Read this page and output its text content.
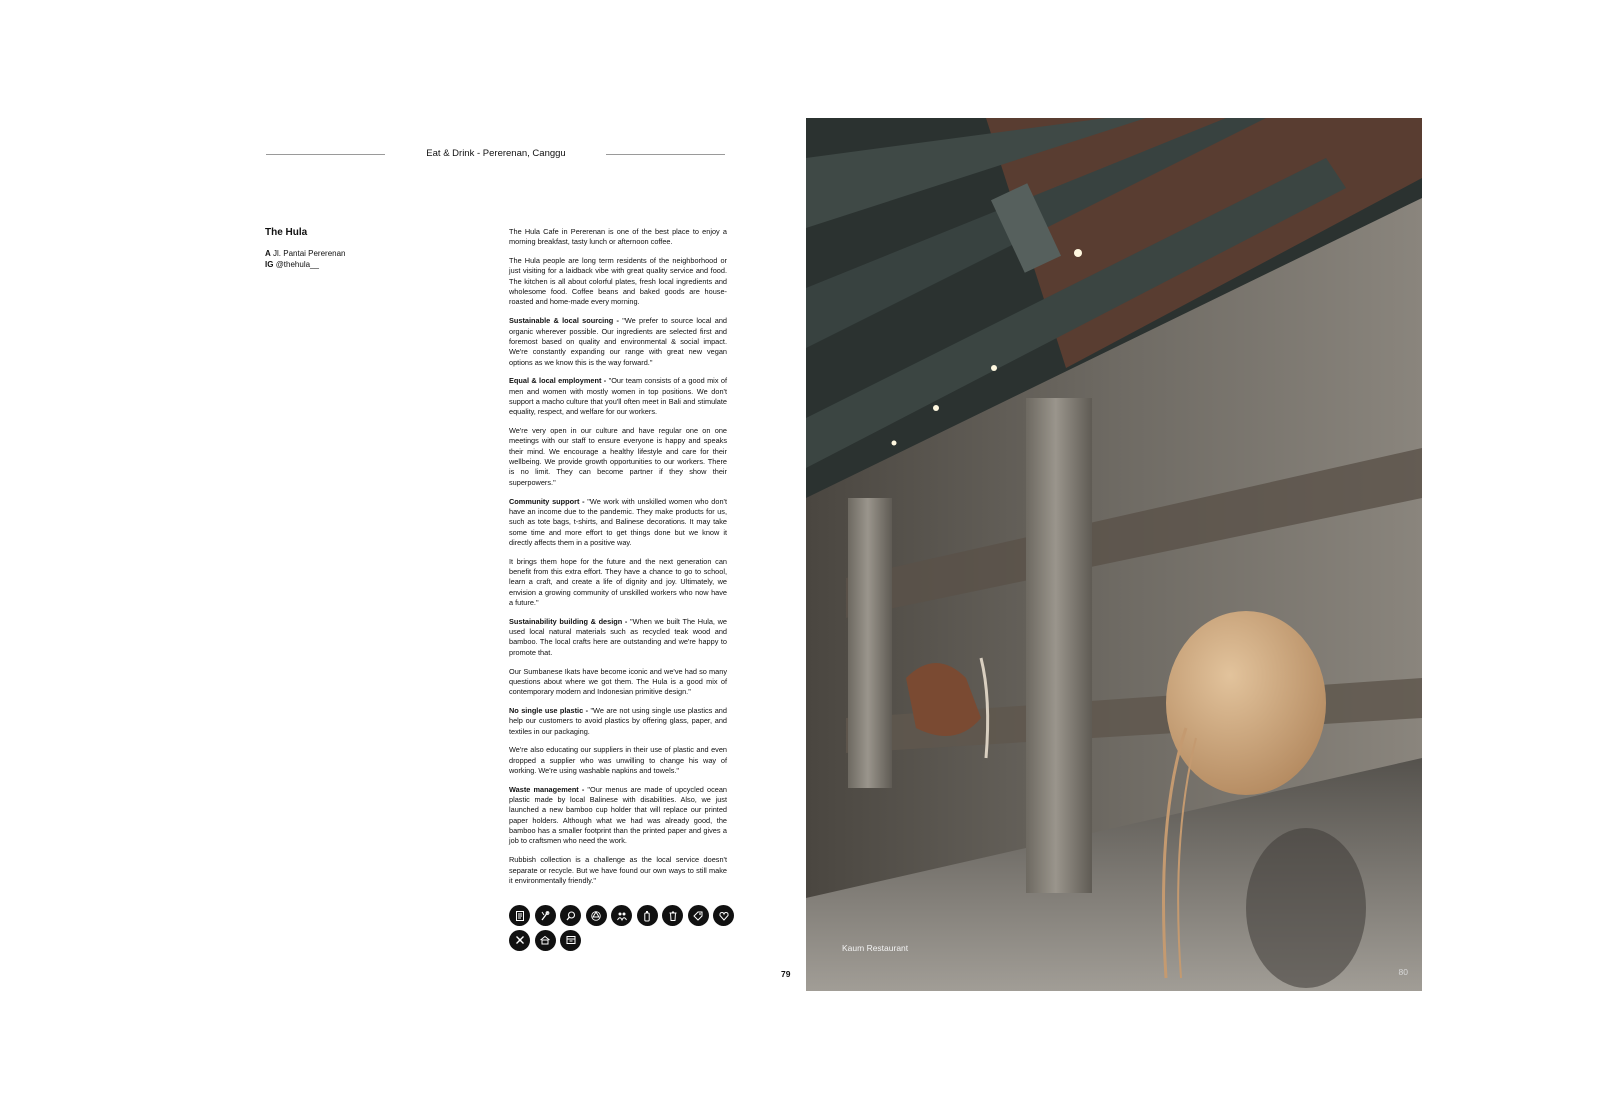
Eat & Drink - Pererenan, Canggu
The Hula
A Jl. Pantai Pererenan
IG @thehula__

The Hula Cafe in Pererenan is one of the best place to enjoy a morning breakfast, tasty lunch or afternoon coffee.

The Hula people are long term residents of the neighborhood or just visiting for a laidback vibe with great quality service and food. The kitchen is all about colorful plates, fresh local ingredients and wholesome food. Coffee beans and baked goods are house-roasted and home-made every morning.

Sustainable & local sourcing - "We prefer to source local and organic wherever possible. Our ingredients are selected first and foremost based on quality and environmental & social impact. We're constantly expanding our range with great new vegan options as we know this is the way forward."

Equal & local employment - "Our team consists of a good mix of men and women with mostly women in top positions. We don't support a macho culture that you'll often meet in Bali and stimulate equality, respect, and welfare for our workers.

We're very open in our culture and have regular one on one meetings with our staff to ensure everyone is happy and speaks their mind. We encourage a healthy lifestyle and care for their wellbeing. We provide growth opportunities to our workers. There is no limit. They can become partner if they show their superpowers."

Community support - "We work with unskilled women who don't have an income due to the pandemic. They make products for us, such as tote bags, t-shirts, and Balinese decorations. It may take some time and more effort to get things done but we know it directly affects them in a positive way.

It brings them hope for the future and the next generation can benefit from this extra effort. They have a chance to go to school, learn a craft, and create a life of dignity and joy. Ultimately, we envision a growing community of unskilled workers who now have a future."

Sustainability building & design - "When we built The Hula, we used local natural materials such as recycled teak wood and bamboo. The local crafts here are outstanding and we're happy to promote that.

Our Sumbanese Ikats have become iconic and we've had so many questions about where we got them. The Hula is a good mix of contemporary modern and Indonesian primitive design."

No single use plastic - "We are not using single use plastics and help our customers to avoid plastics by offering glass, paper, and textiles in our packaging.

We're also educating our suppliers in their use of plastic and even dropped a supplier who was unwilling to change his way of working. We're using washable napkins and towels."

Waste management - "Our menus are made of upcycled ocean plastic made by local Balinese with disabilities. Also, we just launched a new bamboo cup holder that will replace our printed paper holders. Although what we had was already good, the bamboo has a smaller footprint than the printed paper and gives a job to craftsmen who need the work.

Rubbish collection is a challenge as the local service doesn't separate or recycle. But we have found our own ways to still make it environmentally friendly."

79
Kaum Restaurant
80
